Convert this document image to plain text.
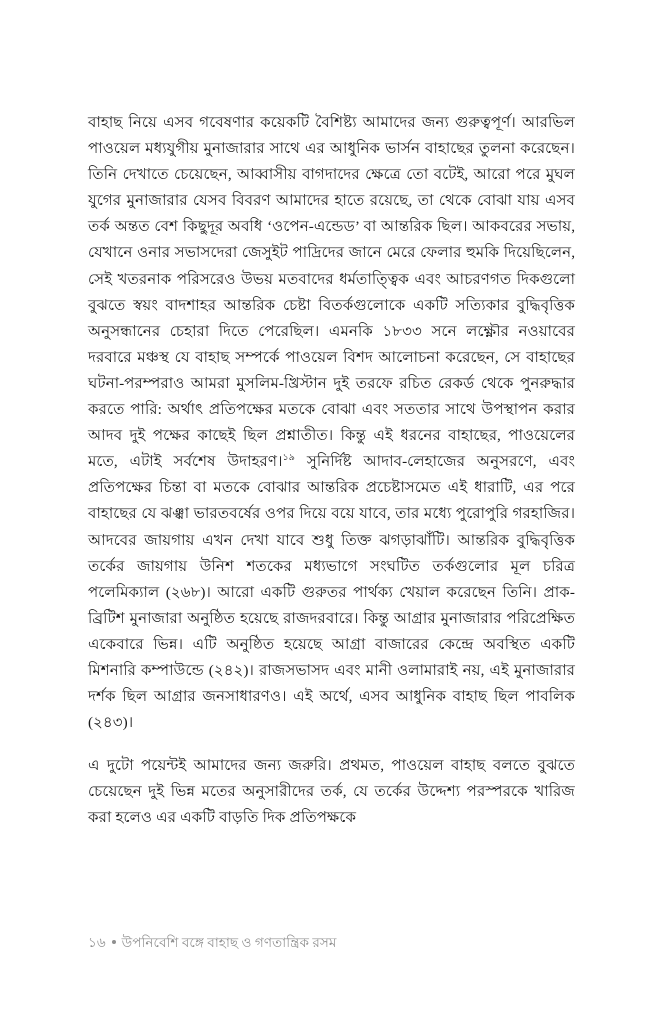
বাহাছ নিয়ে এসব গবেষণার কয়েকটি বৈশিষ্ট্য আমাদের জন্য গুরুত্বপূর্ণ। আরভিল পাওয়েল মধ্যযুগীয় মুনাজারার সাথে এর আধুনিক ভার্সন বাহাছের তুলনা করেছেন। তিনি দেখাতে চেয়েছেন, আব্বাসীয় বাগদাদের ক্ষেত্রে তো বটেই, আরো পরে মুঘল যুগের মুনাজারার যেসব বিবরণ আমাদের হাতে রয়েছে, তা থেকে বোঝা যায় এসব তর্ক অন্তত বেশ কিছুদূর অবধি ‘ওপেন-এন্ডেড’ বা আন্তরিক ছিল। আকবরের সভায়, যেখানে ওনার সভাসদেরা জেসুইট পাদ্রিদের জানে মেরে ফেলার হুমকি দিয়েছিলেন, সেই খতরনাক পরিসরেও উভয় মতবাদের ধর্মতাত্ত্বিক এবং আচরণগত দিকগুলো বুঝতে স্বয়ং বাদশাহর আন্তরিক চেষ্টা বিতর্কগুলোকে একটি সত্যিকার বুদ্ধিবৃত্তিক অনুসন্ধানের চেহারা দিতে পেরেছিল। এমনকি ১৮৩৩ সনে লক্ষ্ণৌর নওয়াবের দরবারে মঞ্চস্থ যে বাহাছ সম্পর্কে পাওয়েল বিশদ আলোচনা করেছেন, সে বাহাছের ঘটনা-পরম্পরাও আমরা মুসলিম-খ্রিস্টান দুই তরফে রচিত রেকর্ড থেকে পুনরুদ্ধার করতে পারি: অর্থাৎ প্রতিপক্ষের মতকে বোঝা এবং সততার সাথে উপস্থাপন করার আদব দুই পক্ষের কাছেই ছিল প্রশ্নাতীত। কিন্তু এই ধরনের বাহাছের, পাওয়েলের মতে, এটাই সর্বশেষ উদাহরণ।$^{১৯}$ সুনির্দিষ্ট আদাব-লেহাজের অনুসরণে, এবং প্রতিপক্ষের চিন্তা বা মতকে বোঝার আন্তরিক প্রচেষ্টাসমেত এই ধারাটি, এর পরে বাহাছের যে ঝঞ্ঝা ভারতবর্ষের ওপর দিয়ে বয়ে যাবে, তার মধ্যে পুরোপুরি গরহাজির। আদবের জায়গায় এখন দেখা যাবে শুধু তিক্ত ঝগড়াঝাঁটি। আন্তরিক বুদ্ধিবৃত্তিক তর্কের জায়গায় উনিশ শতকের মধ্যভাগে সংঘটিত তর্কগুলোর মূল চরিত্র পলেমিক্যাল (২৬৮)। আরো একটি গুরুতর পার্থক্য খেয়াল করেছেন তিনি। প্রাক-ব্রিটিশ মুনাজারা অনুষ্ঠিত হয়েছে রাজদরবারে। কিন্তু আগ্রার মুনাজারার পরিপ্রেক্ষিত একেবারে ভিন্ন। এটি অনুষ্ঠিত হয়েছে আগ্রা বাজারের কেন্দ্রে অবস্থিত একটি মিশনারি কম্পাউন্ডে (২৪২)। রাজসভাসদ এবং মানী ওলামারাই নয়, এই মুনাজারার দর্শক ছিল আগ্রার জনসাধারণও। এই অর্থে, এসব আধুনিক বাহাছ ছিল পাবলিক (২৪৩)।

এ দুটো পয়েন্টই আমাদের জন্য জরুরি। প্রথমত, পাওয়েল বাহাছ বলতে বুঝতে চেয়েছেন দুই ভিন্ন মতের অনুসারীদের তর্ক, যে তর্কের উদ্দেশ্য পরস্পরকে খারিজ করা হলেও এর একটি বাড়তি দিক প্রতিপক্ষকে

১৬ উপনিবেশি বঙ্গে বাহাছ ও গণতান্ত্রিক রসম
